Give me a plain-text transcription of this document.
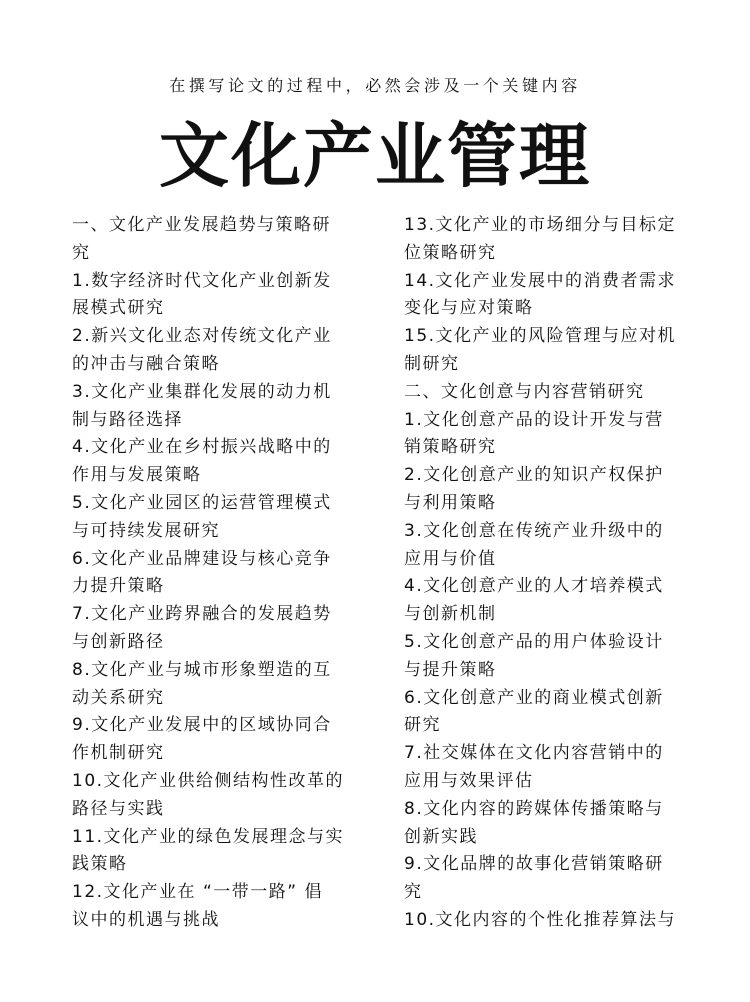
在撰写论文的过程中，必然会涉及一个关键内容
文化产业管理
一、文化产业发展趋势与策略研
究
1.数字经济时代文化产业创新发
展模式研究
2.新兴文化业态对传统文化产业
的冲击与融合策略
3.文化产业集群化发展的动力机
制与路径选择
4.文化产业在乡村振兴战略中的
作用与发展策略
5.文化产业园区的运营管理模式
与可持续发展研究
6.文化产业品牌建设与核心竞争
力提升策略
7.文化产业跨界融合的发展趋势
与创新路径
8.文化产业与城市形象塑造的互
动关系研究
9.文化产业发展中的区域协同合
作机制研究
10.文化产业供给侧结构性改革的
路径与实践
11.文化产业的绿色发展理念与实
践策略
12.文化产业在 “一带一路” 倡
议中的机遇与挑战
13.文化产业的市场细分与目标定
位策略研究
14.文化产业发展中的消费者需求
变化与应对策略
15.文化产业的风险管理与应对机
制研究
二、文化创意与内容营销研究
1.文化创意产品的设计开发与营
销策略研究
2.文化创意产业的知识产权保护
与利用策略
3.文化创意在传统产业升级中的
应用与价值
4.文化创意产业的人才培养模式
与创新机制
5.文化创意产品的用户体验设计
与提升策略
6.文化创意产业的商业模式创新
研究
7.社交媒体在文化内容营销中的
应用与效果评估
8.文化内容的跨媒体传播策略与
创新实践
9.文化品牌的故事化营销策略研
究
10.文化内容的个性化推荐算法与
